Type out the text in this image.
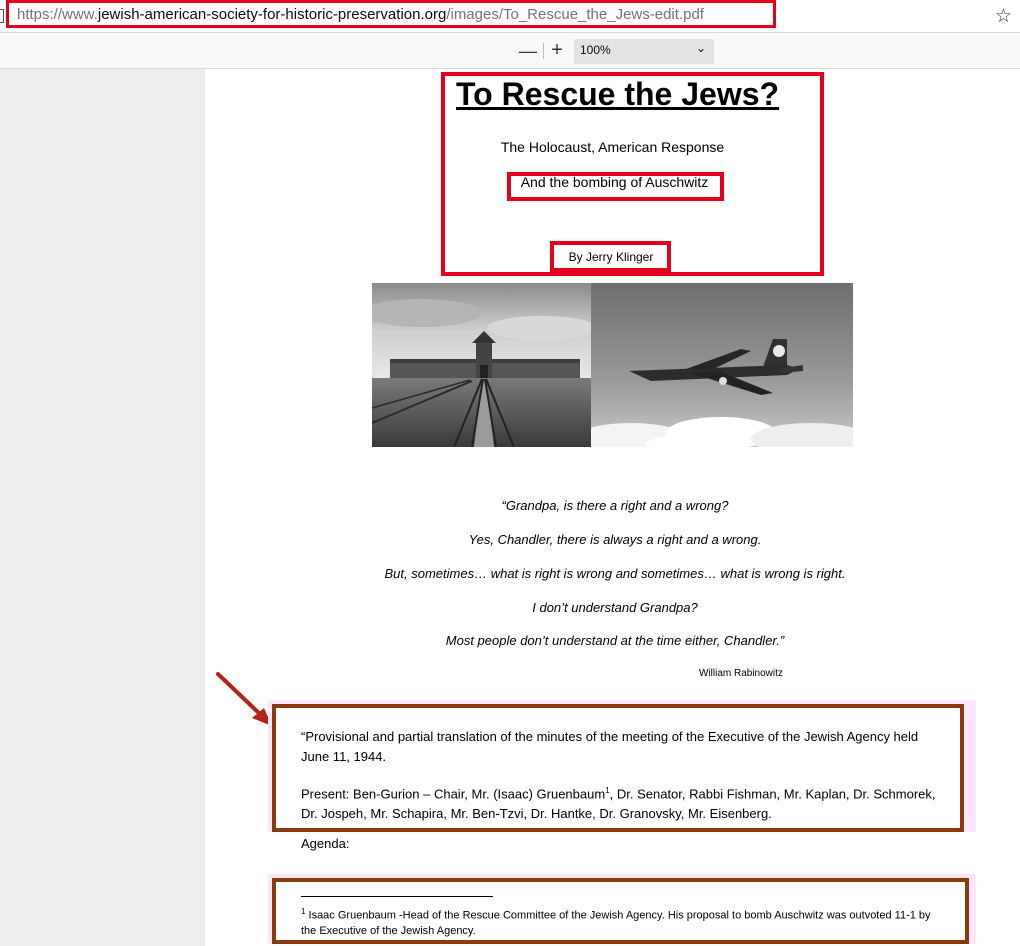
https://www. jewish-american-society-for-historic-preservation.org /images/To_Rescue_the_Jews-edit.pdf	☆
— +	100%	⌄
To Rescue the Jews?
The Holocaust, American Response
And the bombing of Auschwitz
By Jerry Klinger
“Grandpa, is there a right and a wrong?
Yes, Chandler, there is always a right and a wrong.
But, sometimes… what is right is wrong and sometimes… what is wrong is right.
I don’t understand Grandpa?
Most people don’t understand at the time either, Chandler.”
William Rabinowitz
“Provisional and partial translation of the minutes of the meeting of the Executive of the Jewish Agency held June 11, 1944.
Present: Ben-Gurion – Chair, Mr. (Isaac) Gruenbaum$^1$, Dr. Senator, Rabbi Fishman, Mr. Kaplan, Dr. Schmorek, Dr. Jospeh, Mr. Schapira, Mr. Ben-Tzvi, Dr. Hantke, Dr. Granovsky, Mr. Eisenberg.
Agenda:
$^1$ Isaac Gruenbaum -Head of the Rescue Committee of the Jewish Agency. His proposal to bomb Auschwitz was outvoted 11-1 by the Executive of the Jewish Agency.
